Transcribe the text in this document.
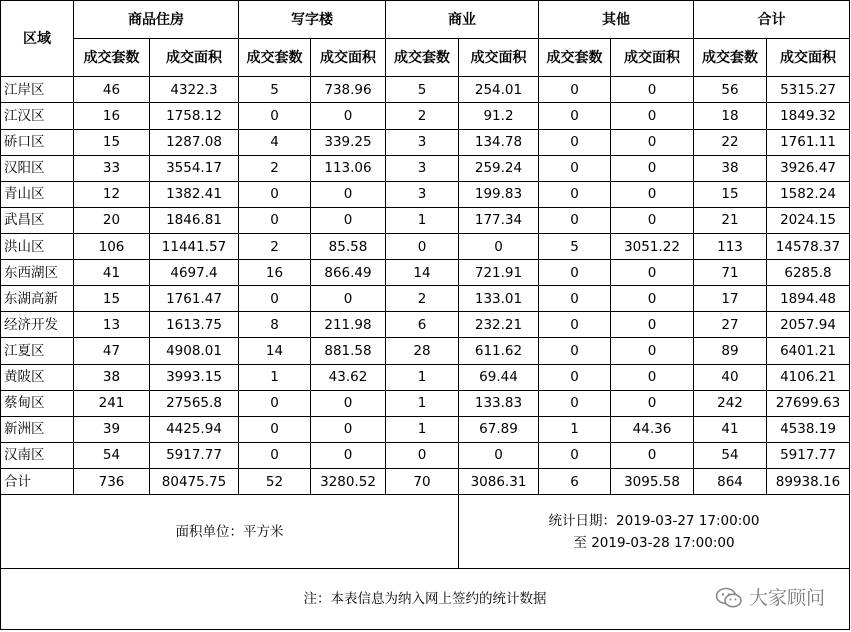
区域	商品住房		写字楼		商业		其他		合计	
	成交套数	成交面积	成交套数	成交面积	成交套数	成交面积	成交套数	成交面积	成交套数	成交面积
江岸区	46	4322.3	5	738.96	5	254.01	0	0	56	5315.27
江汉区	16	1758.12	0	0	2	91.2	0	0	18	1849.32
硚口区	15	1287.08	4	339.25	3	134.78	0	0	22	1761.11
汉阳区	33	3554.17	2	113.06	3	259.24	0	0	38	3926.47
青山区	12	1382.41	0	0	3	199.83	0	0	15	1582.24
武昌区	20	1846.81	0	0	1	177.34	0	0	21	2024.15
洪山区	106	11441.57	2	85.58	0	0	5	3051.22	113	14578.37
东西湖区	41	4697.4	16	866.49	14	721.91	0	0	71	6285.8
东湖高新	15	1761.47	0	0	2	133.01	0	0	17	1894.48
经济开发	13	1613.75	8	211.98	6	232.21	0	0	27	2057.94
江夏区	47	4908.01	14	881.58	28	611.62	0	0	89	6401.21
黄陂区	38	3993.15	1	43.62	1	69.44	0	0	40	4106.21
蔡甸区	241	27565.8	0	0	1	133.83	0	0	242	27699.63
新洲区	39	4425.94	0	0	1	67.89	1	44.36	41	4538.19
汉南区	54	5917.77	0	0	0	0	0	0	54	5917.77
合计	736	80475.75	52	3280.52	70	3086.31	6	3095.58	864	89938.16
面积单位：平方米						统计日期：2019-03-27 17:00:00
至 2019-03-28 17:00:00				
注：本表信息为纳入网上签约的统计数据 大家顾问										
